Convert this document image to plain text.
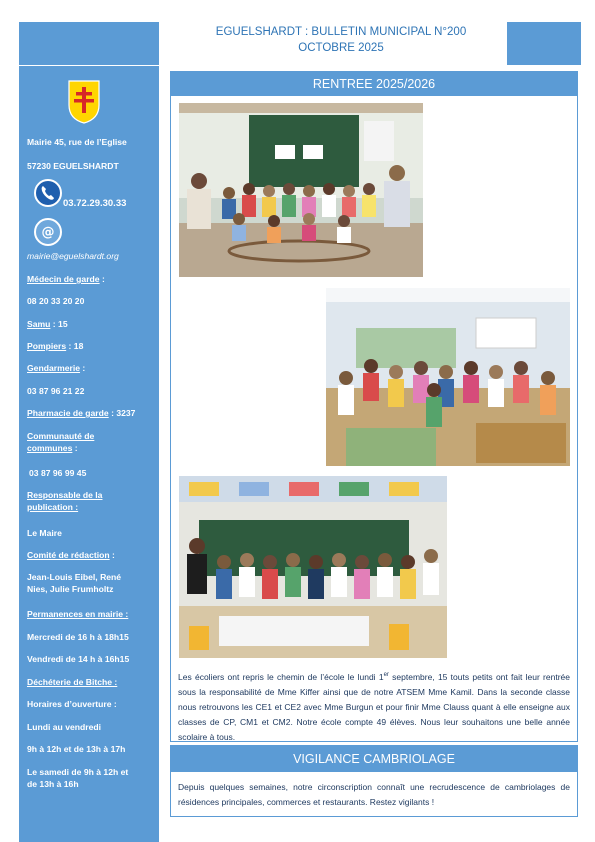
EGUELSHARDT : BULLETIN MUNICIPAL N°200
OCTOBRE 2025
Mairie 45, rue de l’Eglise
57230 EGUELSHARDT
03.72.29.30.33
@
mairie@eguelshardt.org
Médecin de garde :
08 20 33 20 20
Samu : 15
Pompiers : 18
Gendarmerie :
03 87 96 21 22
Pharmacie de garde : 3237
Communauté de
communes :
03 87 96 99 45
Responsable de la
publication :
Le Maire
Comité de rédaction :
Jean-Louis Eibel, René
Nies, Julie Frumholtz
Permanences en mairie :
Mercredi de 16 h à 18h15
Vendredi de 14 h à 16h15
Déchéterie de Bitche :
Horaires d’ouverture :
Lundi au vendredi
9h à 12h et de 13h à 17h
Le samedi de 9h à 12h et
de 13h à 16h
RENTREE 2025/2026
Les écoliers ont repris le chemin de l’école le lundi 1er septembre, 15 touts petits ont fait leur rentrée sous la responsabilité de Mme Kiffer ainsi que de notre ATSEM Mme Kamil. Dans la seconde classe nous retrouvons les CE1 et CE2 avec Mme Burgun et pour finir Mme Clauss quant à elle enseigne aux classes de CP, CM1 et CM2. Notre école compte 49 élèves. Nous leur souhaitons une belle année scolaire à tous.
VIGILANCE CAMBRIOLAGE
Depuis quelques semaines, notre circonscription connaît une recrudescence de cambriolages de résidences principales, commerces et restaurants. Restez vigilants !
